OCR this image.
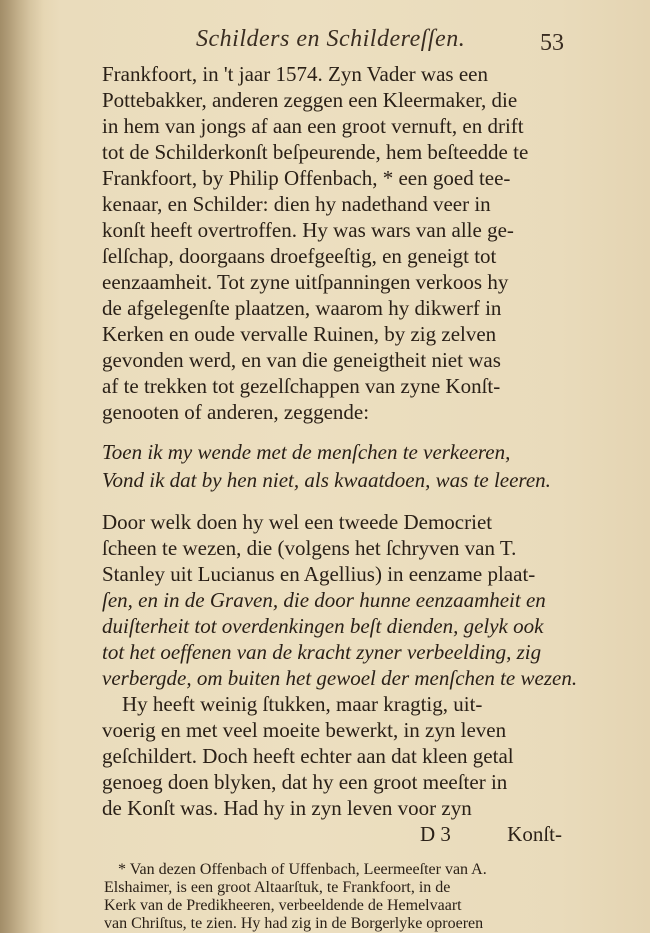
Schilders en Schildereſſen.	53
Frankfoort, in 't jaar 1574. Zyn Vader was een
Pottebakker, anderen zeggen een Kleermaker, die
in hem van jongs af aan een groot vernuft, en drift
tot de Schilderkonſt beſpeurende, hem beſteedde te
Frankfoort, by Philip Offenbach, * een goed tee-
kenaar, en Schilder: dien hy nadethand veer in
konſt heeft overtroffen. Hy was wars van alle ge-
ſelſchap, doorgaans droefgeeſtig, en geneigt tot
eenzaamheit. Tot zyne uitſpanningen verkoos hy
de afgelegenſte plaatzen, waarom hy dikwerf in
Kerken en oude vervalle Ruinen, by zig zelven
gevonden werd, en van die geneigtheit niet was
af te trekken tot gezelſchappen van zyne Konſt-
genooten of anderen, zeggende:
Toen ik my wende met de menſchen te verkeeren,
Vond ik dat by hen niet, als kwaatdoen, was te leeren.
Door welk doen hy wel een tweede Democriet
ſcheen te wezen, die (volgens het ſchryven van T.
Stanley uit Lucianus en Agellius) in eenzame plaat-
ſen, en in de Graven, die door hunne eenzaamheit en
duiſterheit tot overdenkingen beſt dienden, gelyk ook
tot het oeffenen van de kracht zyner verbeelding, zig
verbergde, om buiten het gewoel der menſchen te wezen.
Hy heeft weinig ſtukken, maar kragtig, uit-
voerig en met veel moeite bewerkt, in zyn leven
geſchildert. Doch heeft echter aan dat kleen getal
genoeg doen blyken, dat hy een groot meeſter in
de Konſt was. Had hy in zyn leven voor zyn
D 3	Konſt-
* Van dezen Offenbach of Uffenbach, Leermeeſter van A.
Elshaimer, is een groot Altaarſtuk, te Frankfoort, in de
Kerk van de Predikheeren, verbeeldende de Hemelvaart
van Chriſtus, te zien. Hy had zig in de Borgerlyke oproeren
